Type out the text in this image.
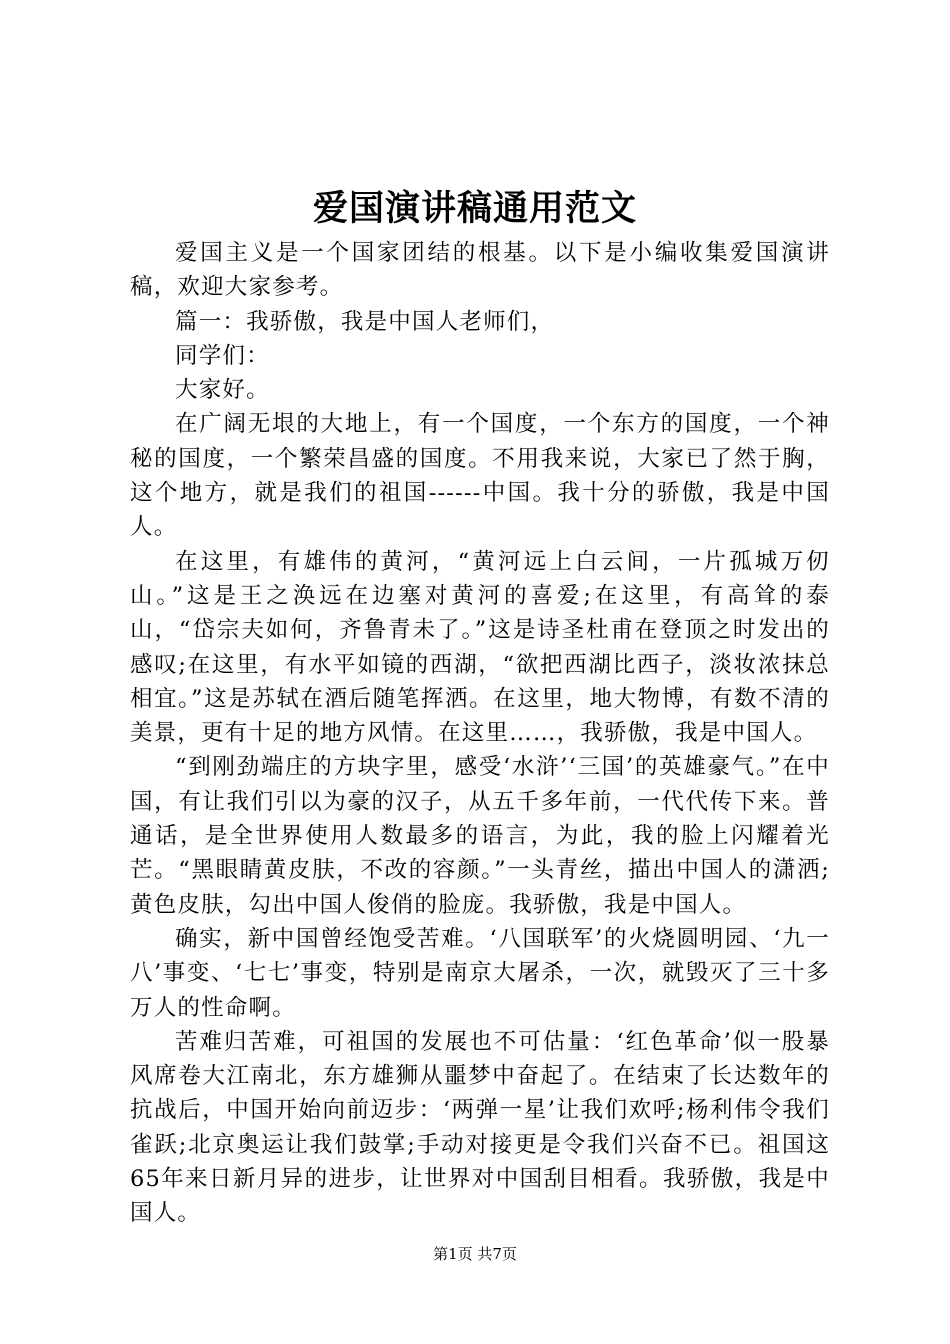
爱国演讲稿通用范文

爱国主义是一个国家团结的根基。以下是小编收集爱国演讲稿，欢迎大家参考。

篇一：我骄傲，我是中国人老师们，

同学们：

大家好。

在广阔无垠的大地上，有一个国度，一个东方的国度，一个神秘的国度，一个繁荣昌盛的国度。不用我来说，大家已了然于胸，这个地方，就是我们的祖国------中国。我十分的骄傲，我是中国人。

在这里，有雄伟的黄河，“黄河远上白云间，一片孤城万仞山。”这是王之涣远在边塞对黄河的喜爱;在这里，有高耸的泰山，“岱宗夫如何，齐鲁青未了。”这是诗圣杜甫在登顶之时发出的感叹;在这里，有水平如镜的西湖，“欲把西湖比西子，淡妆浓抹总相宜。”这是苏轼在酒后随笔挥洒。在这里，地大物博，有数不清的美景，更有十足的地方风情。在这里……，我骄傲，我是中国人。

“到刚劲端庄的方块字里，感受‘水浒’‘三国’的英雄豪气。”在中国，有让我们引以为豪的汉子，从五千多年前，一代代传下来。普通话，是全世界使用人数最多的语言，为此，我的脸上闪耀着光芒。“黑眼睛黄皮肤，不改的容颜。”一头青丝，描出中国人的潇洒;黄色皮肤，勾出中国人俊俏的脸庞。我骄傲，我是中国人。

确实，新中国曾经饱受苦难。‘八国联军’的火烧圆明园、‘九一八’事变、‘七七’事变，特别是南京大屠杀，一次，就毁灭了三十多万人的性命啊。

苦难归苦难，可祖国的发展也不可估量：‘红色革命’似一股暴风席卷大江南北，东方雄狮从噩梦中奋起了。在结束了长达数年的抗战后，中国开始向前迈步：‘两弹一星’让我们欢呼;杨利伟令我们雀跃;北京奥运让我们鼓掌;手动对接更是令我们兴奋不已。祖国这65年来日新月异的进步，让世界对中国刮目相看。我骄傲，我是中国人。

第1页 共7页
